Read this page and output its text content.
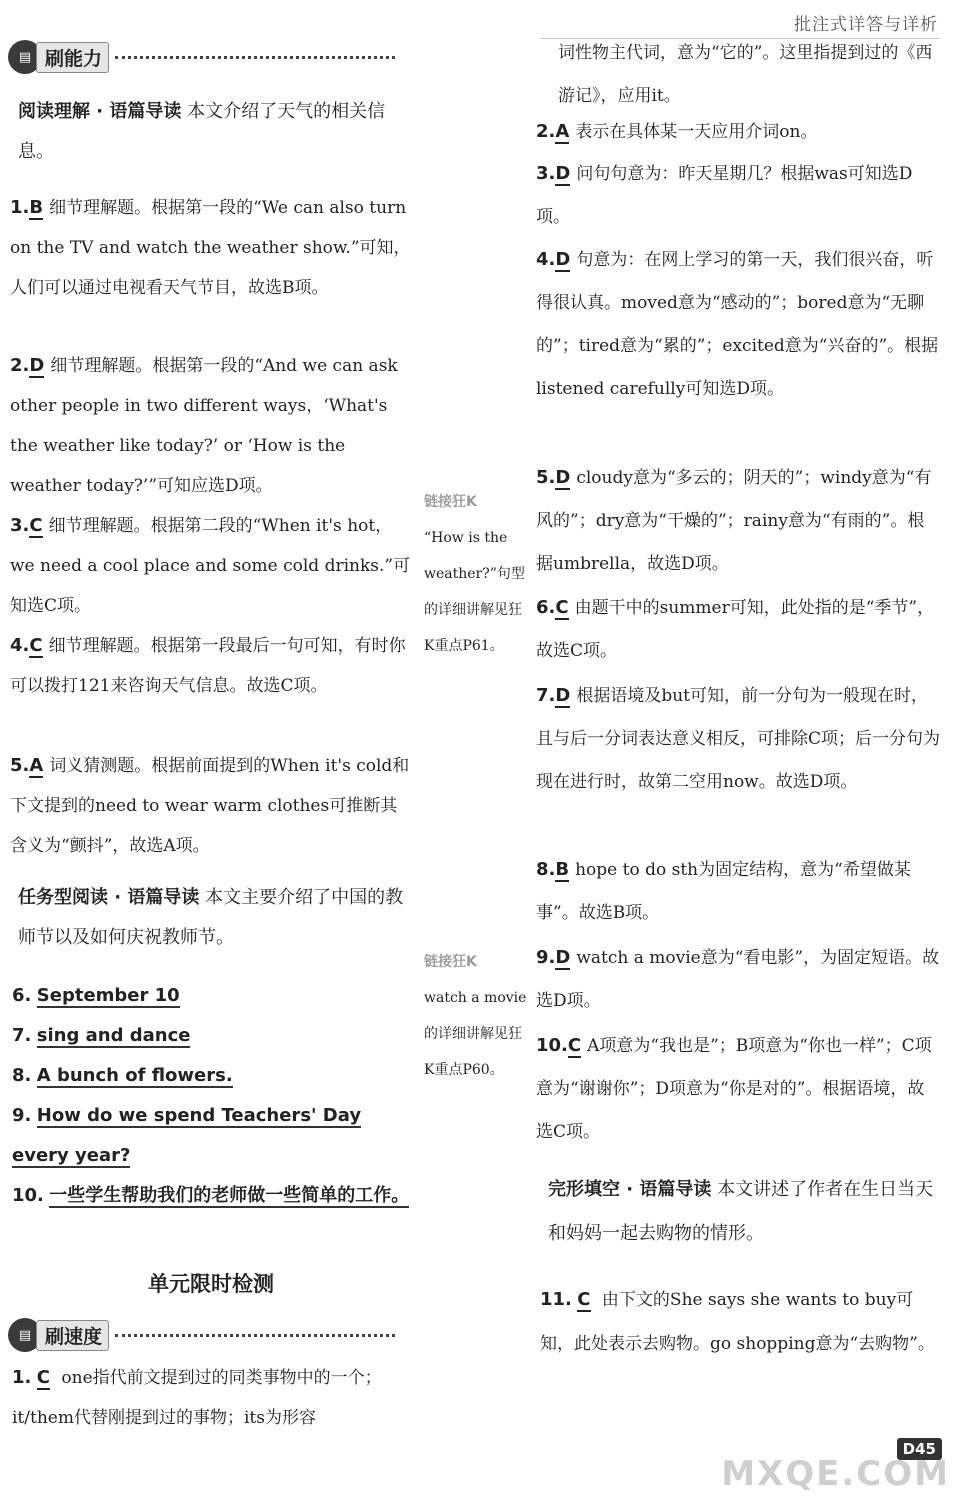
批注式详答与详析
▤ 刷能力
阅读理解 · 语篇导读 本文介绍了天气的相关信息。
1.B 细节理解题。根据第一段的“We can also turn on the TV and watch the weather show.”可知，人们可以通过电视看天气节目，故选B项。
2.D 细节理解题。根据第一段的“And we can ask other people in two different ways，‘What's the weather like today?’ or ‘How is the weather today?’”可知应选D项。
3.C 细节理解题。根据第二段的“When it's hot，we need a cool place and some cold drinks.”可知选C项。
4.C 细节理解题。根据第一段最后一句可知，有时你可以拨打121来咨询天气信息。故选C项。
5.A 词义猜测题。根据前面提到的When it's cold和下文提到的need to wear warm clothes可推断其含义为“颤抖”，故选A项。
任务型阅读 · 语篇导读 本文主要介绍了中国的教师节以及如何庆祝教师节。
6. September 10
7. sing and dance
8. A bunch of flowers.
9. How do we spend Teachers' Day every year?
10. 一些学生帮助我们的老师做一些简单的工作。
单元限时检测
▤ 刷速度
1. C one指代前文提到过的同类事物中的一个；it/them代替刚提到过的事物；its为形容
链接狂K
“How is the weather?”句型的详细讲解见狂K重点P61。
链接狂K
watch a movie的详细讲解见狂K重点P60。
词性物主代词，意为“它的”。这里指提到过的《西游记》，应用it。
2.A 表示在具体某一天应用介词on。
3.D 问句句意为：昨天星期几？根据was可知选D项。
4.D 句意为：在网上学习的第一天，我们很兴奋，听得很认真。moved意为“感动的”；bored意为“无聊的”；tired意为“累的”；excited意为“兴奋的”。根据listened carefully可知选D项。
5.D cloudy意为“多云的；阴天的”；windy意为“有风的”；dry意为“干燥的”；rainy意为“有雨的”。根据umbrella，故选D项。
6.C 由题干中的summer可知，此处指的是“季节”，故选C项。
7.D 根据语境及but可知，前一分句为一般现在时，且与后一分词表达意义相反，可排除C项；后一分句为现在进行时，故第二空用now。故选D项。
8.B hope to do sth为固定结构，意为“希望做某事”。故选B项。
9.D watch a movie意为“看电影”，为固定短语。故选D项。
10.C A项意为“我也是”；B项意为“你也一样”；C项意为“谢谢你”；D项意为“你是对的”。根据语境，故选C项。
完形填空 · 语篇导读 本文讲述了作者在生日当天和妈妈一起去购物的情形。
11. C 由下文的She says she wants to buy可知，此处表示去购物。go shopping意为“去购物”。
D45
MXQE.COM
